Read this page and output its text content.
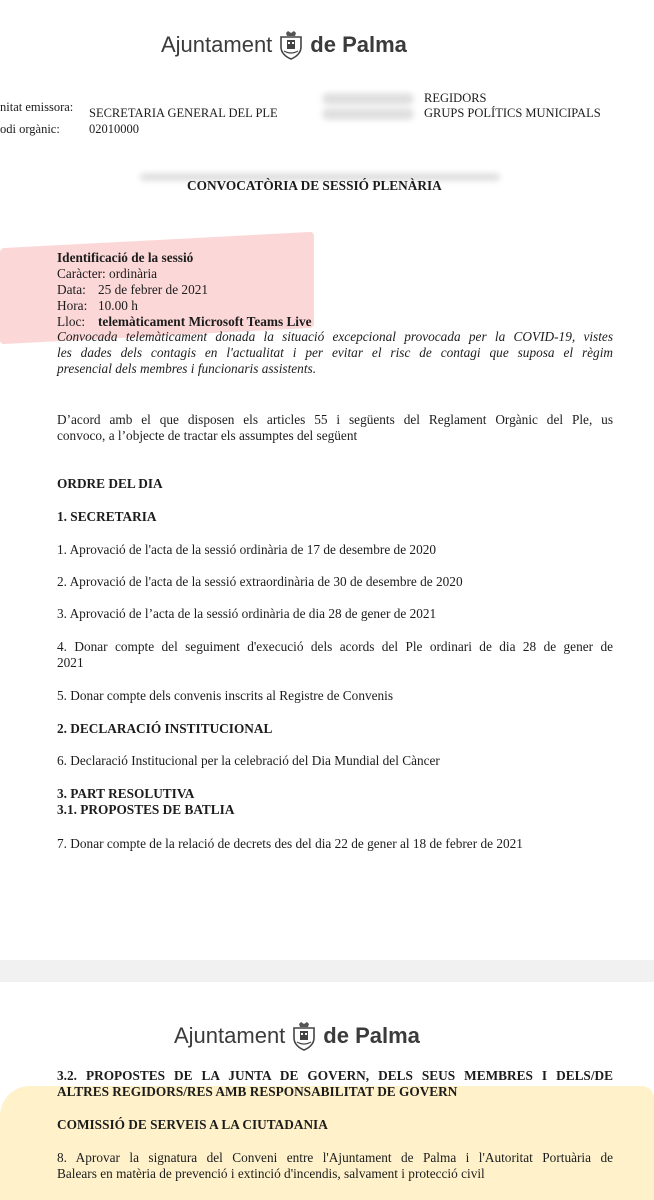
Ajuntament de Palma
nitat emissora: SECRETARIA GENERAL DEL PLE
odi orgànic: 02010000
REGIDORS
GRUPS POLÍTICS MUNICIPALS
CONVOCATÒRIA DE SESSIÓ PLENÀRIA
Identificació de la sessió
Caràcter: ordinària
Data: 25 de febrer de 2021
Hora: 10.00 h
Lloc: telemàticament Microsoft Teams Live
Convocada telemàticament donada la situació excepcional provocada per la COVID-19, vistes
les dades dels contagis en l'actualitat i per evitar el risc de contagi que suposa el règim
presencial dels membres i funcionaris assistents.
D’acord amb el que disposen els articles 55 i següents del Reglament Orgànic del Ple, us
convoco, a l’objecte de tractar els assumptes del següent
ORDRE DEL DIA
1. SECRETARIA
1. Aprovació de l'acta de la sessió ordinària de 17 de desembre de 2020
2. Aprovació de l'acta de la sessió extraordinària de 30 de desembre de 2020
3. Aprovació de l’acta de la sessió ordinària de dia 28 de gener de 2021
4. Donar compte del seguiment d'execució dels acords del Ple ordinari de dia 28 de gener de
2021
5. Donar compte dels convenis inscrits al Registre de Convenis
2. DECLARACIÓ INSTITUCIONAL
6. Declaració Institucional per la celebració del Dia Mundial del Càncer
3. PART RESOLUTIVA
3.1. PROPOSTES DE BATLIA
7. Donar compte de la relació de decrets des del dia 22 de gener al 18 de febrer de 2021
Ajuntament de Palma
3.2. PROPOSTES DE LA JUNTA DE GOVERN, DELS SEUS MEMBRES I DELS/DE
ALTRES REGIDORS/RES AMB RESPONSABILITAT DE GOVERN
COMISSIÓ DE SERVEIS A LA CIUTADANIA
8. Aprovar la signatura del Conveni entre l'Ajuntament de Palma i l'Autoritat Portuària de
Balears en matèria de prevenció i extinció d'incendis, salvament i protecció civil
